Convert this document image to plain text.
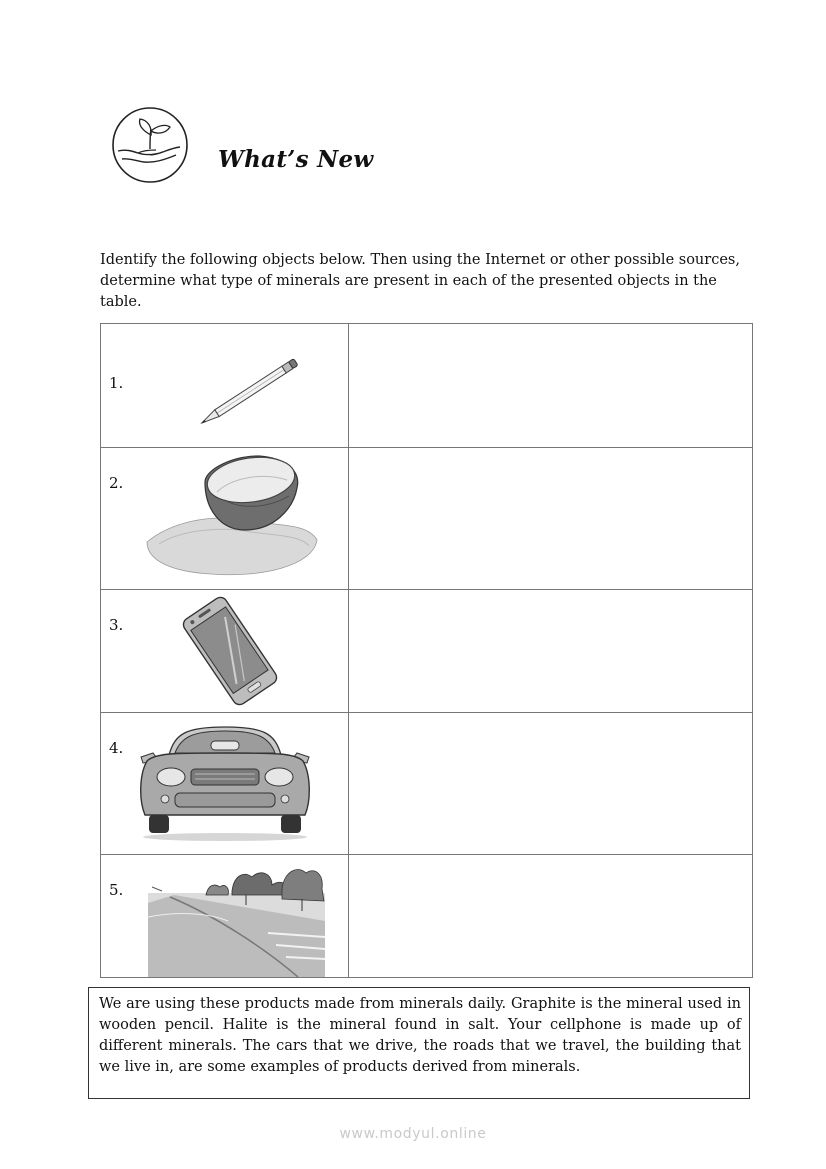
What’s New
Identify the following objects below. Then using the Internet or other possible sources, determine what type of minerals are present in each of the presented objects in the table.
1.	

2.	

3.	

4.	

5.	

We are using these products made from minerals daily. Graphite is the mineral used in wooden pencil. Halite is the mineral found in salt. Your cellphone is made up of different minerals. The cars that we drive, the roads that we travel, the building that we live in, are some examples of products derived from minerals.
www.modyul.online
